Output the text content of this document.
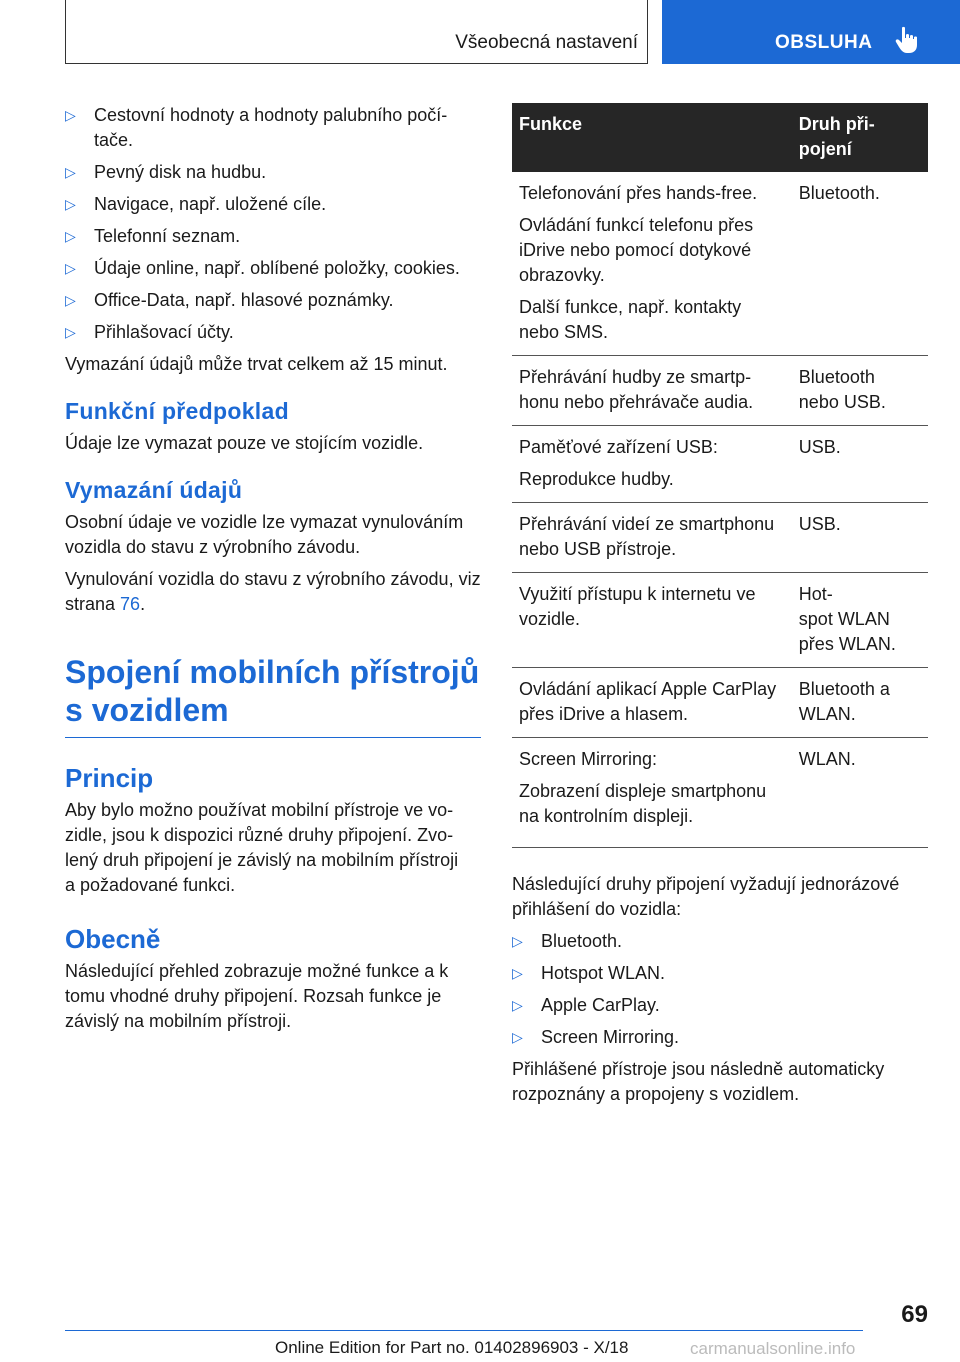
Všeobecná nastavení	OBSLUHA
▷ Cestovní hodnoty a hodnoty palubního počí-
tače.
▷ Pevný disk na hudbu.
▷ Navigace, např. uložené cíle.
▷ Telefonní seznam.
▷ Údaje online, např. oblíbené položky, cookies.
▷ Office-Data, např. hlasové poznámky.
▷ Přihlašovací účty.

Vymazání údajů může trvat celkem až 15 minut.

Funkční předpoklad

Údaje lze vymazat pouze ve stojícím vozidle.

Vymazání údajů

Osobní údaje ve vozidle lze vymazat vynulováním vozidla do stavu z výrobního závodu.

Vynulování vozidla do stavu z výrobního závodu, viz strana 76.

Spojení mobilních přístrojů
s vozidlem
Princip

Aby bylo možno používat mobilní přístroje ve vo-
zidle, jsou k dispozici různé druhy připojení. Zvo-
lený druh připojení je závislý na mobilním přístroji
a požadované funkci.

Obecně

Následující přehled zobrazuje možné funkce a k
tomu vhodné druhy připojení. Rozsah funkce je
závislý na mobilním přístroji.

Funkce	Druh při-
pojení

Telefonování přes hands-free.

Ovládání funkcí telefonu přes iDrive nebo pomocí dotykové obrazovky.

Další funkce, např. kontakty nebo SMS.	Bluetooth.

Přehrávání hudby ze smartp-
honu nebo přehrávače audia.	Bluetooth
nebo USB.

Paměťové zařízení USB:

Reprodukce hudby.	USB.

Přehrávání videí ze smartphonu nebo USB přístroje.	USB.

Využití přístupu k internetu ve
vozidle.	Hot-
spot WLAN
přes WLAN.

Ovládání aplikací Apple CarPlay přes iDrive a hlasem.	Bluetooth a
WLAN.

Screen Mirroring:

Zobrazení displeje smartphonu na kontrolním displeji.	WLAN.

Následující druhy připojení vyžadují jednorázové přihlášení do vozidla:

▷ Bluetooth.
▷ Hotspot WLAN.
▷ Apple CarPlay.
▷ Screen Mirroring.

Přihlášené přístroje jsou následně automaticky rozpoznány a propojeny s vozidlem.

69
Online Edition for Part no. 01402896903 - X/18	carmanualsonline.info
